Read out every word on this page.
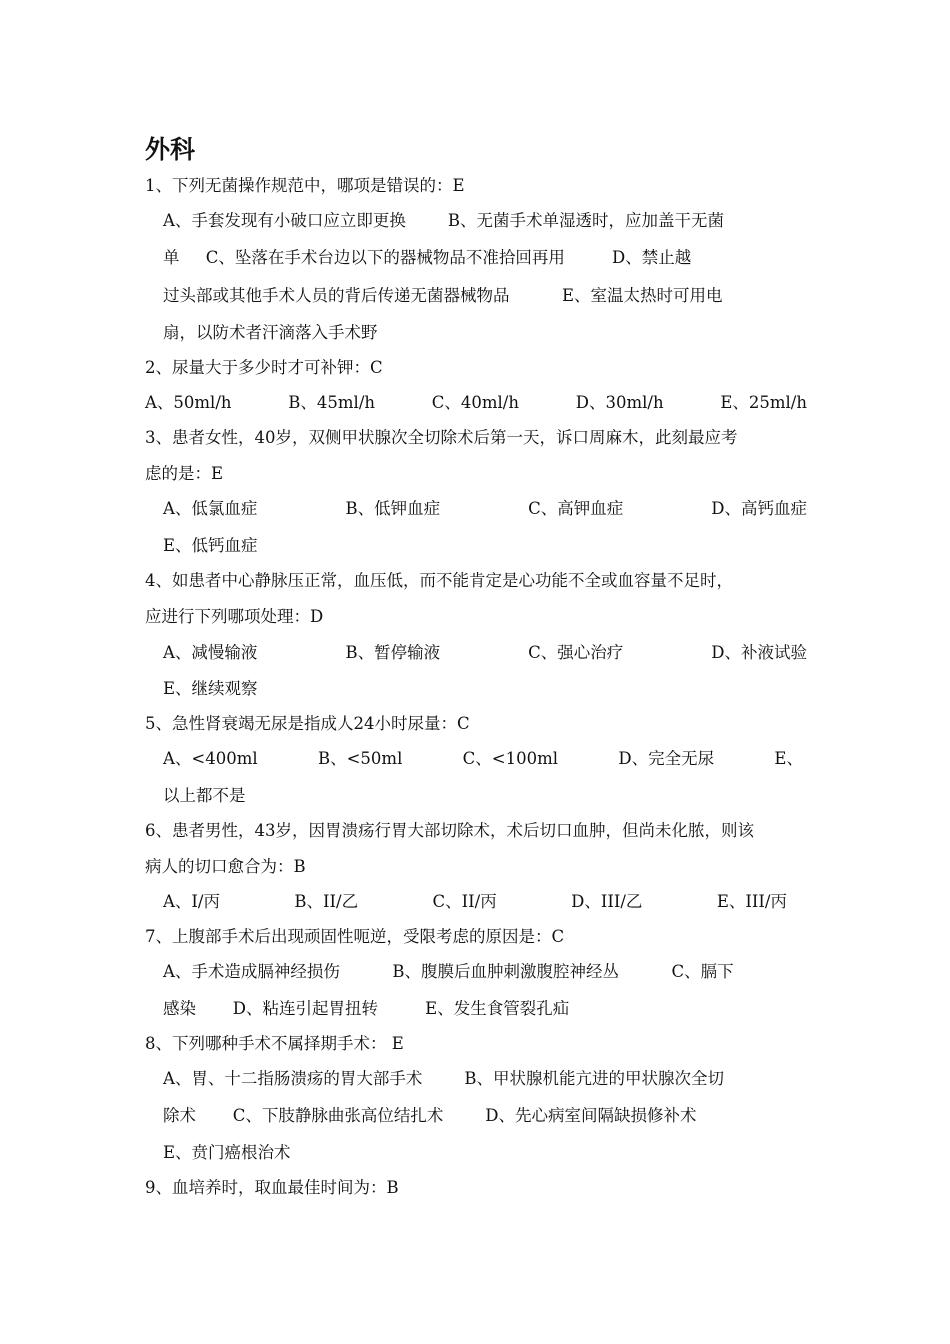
外科

1、下列无菌操作规范中，哪项是错误的：E

A、手套发现有小破口应立即更换        B、无菌手术单湿透时，应加盖干无菌

单     C、坠落在手术台边以下的器械物品不准拾回再用         D、禁止越

过头部或其他手术人员的背后传递无菌器械物品          E、室温太热时可用电

扇，以防术者汗滴落入手术野

2、尿量大于多少时才可补钾：C

A、50ml/h	B、45ml/h	C、40ml/h	D、30ml/h	E、25ml/h

3、患者女性，40岁，双侧甲状腺次全切除术后第一天，诉口周麻木，此刻最应考

虑的是：E

A、低氯血症	B、低钾血症	C、高钾血症	D、高钙血症

E、低钙血症

4、如患者中心静脉压正常，血压低，而不能肯定是心功能不全或血容量不足时，

应进行下列哪项处理：D

A、减慢输液	B、暂停输液	C、强心治疗	D、补液试验

E、继续观察

5、急性肾衰竭无尿是指成人24小时尿量：C

A、<400ml	B、<50ml	C、<100ml	D、完全无尿	E、

以上都不是

6、患者男性，43岁，因胃溃疡行胃大部切除术，术后切口血肿，但尚未化脓，则该

病人的切口愈合为：B

A、I/丙	B、II/乙	C、II/丙	D、III/乙	E、III/丙

7、上腹部手术后出现顽固性呃逆，受限考虑的原因是：C

A、手术造成膈神经损伤          B、腹膜后血肿刺激腹腔神经丛          C、膈下

感染       D、粘连引起胃扭转         E、发生食管裂孔疝

8、下列哪种手术不属择期手术： E

A、胃、十二指肠溃疡的胃大部手术        B、甲状腺机能亢进的甲状腺次全切

除术       C、下肢静脉曲张高位结扎术        D、先心病室间隔缺损修补术

E、贲门癌根治术

9、血培养时，取血最佳时间为：B
